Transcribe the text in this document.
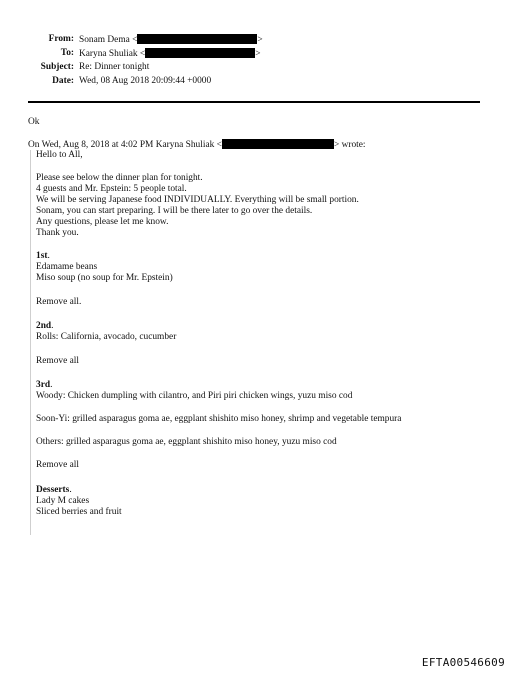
From: Sonam Dema <	>
To: Karyna Shuliak <	>
Subject: Re: Dinner tonight
Date: Wed, 08 Aug 2018 20:09:44 +0000
Ok
On Wed, Aug 8, 2018 at 4:02 PM Karyna Shuliak <	> wrote:
Hello to All,
Please see below the dinner plan for tonight.
4 guests and Mr. Epstein: 5 people total.
We will be serving Japanese food INDIVIDUALLY. Everything will be small portion.
Sonam, you can start preparing. I will be there later to go over the details.
Any questions, please let me know.
Thank you.
1st.
Edamame beans
Miso soup (no soup for Mr. Epstein)
Remove all.
2nd.
Rolls: California, avocado, cucumber
Remove all
3rd.
Woody: Chicken dumpling with cilantro, and Piri piri chicken wings, yuzu miso cod
Soon-Yi: grilled asparagus goma ae, eggplant shishito miso honey, shrimp and vegetable tempura
Others: grilled asparagus goma ae, eggplant shishito miso honey, yuzu miso cod
Remove all
Desserts.
Lady M cakes
Sliced berries and fruit
EFTA00546609
